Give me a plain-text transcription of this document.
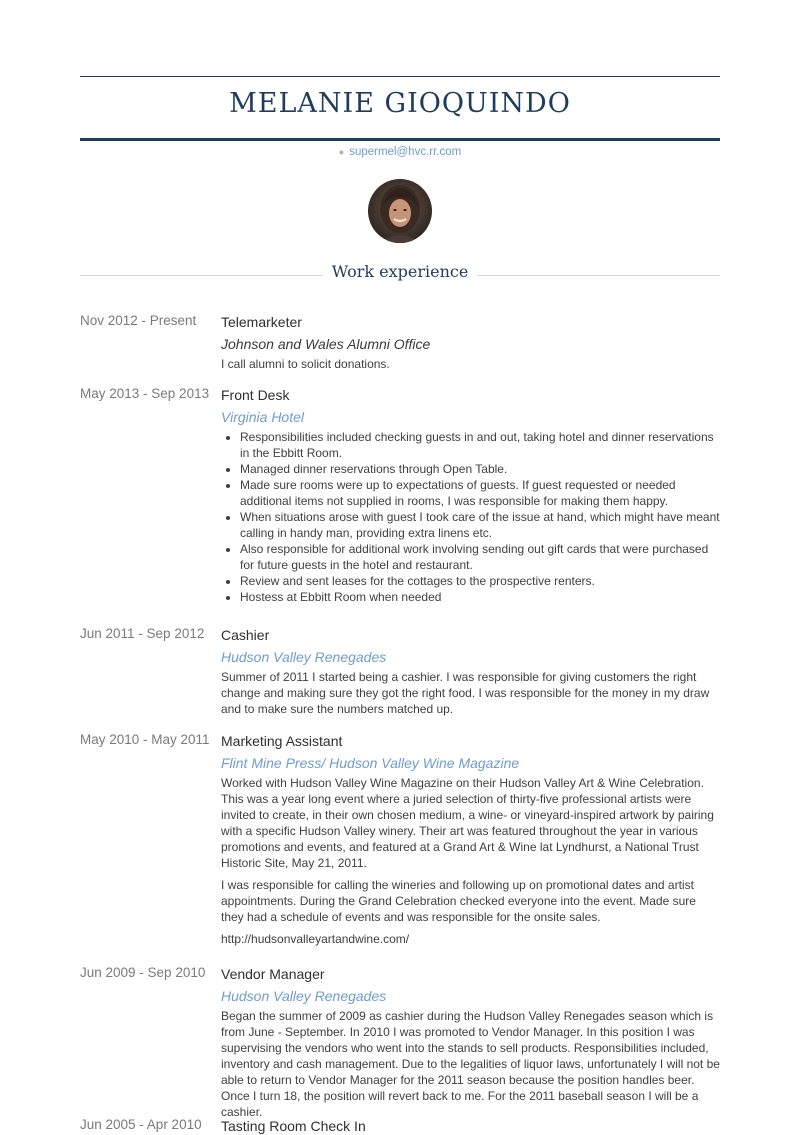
MELANIE GIOQUINDO
● supermel@hvc.rr.com
Work experience
Nov 2012 - Present	Telemarketer
Johnson and Wales Alumni Office

I call alumni to solicit donations.

May 2013 - Sep 2013 Front Desk
Virginia Hotel
• Responsibilities included checking guests in and out, taking hotel and dinner reservations in the Ebbitt Room.
• Managed dinner reservations through Open Table.
• Made sure rooms were up to expectations of guests. If guest requested or needed additional items not supplied in rooms, I was responsible for making them happy.
• When situations arose with guest I took care of the issue at hand, which might have meant calling in handy man, providing extra linens etc.
• Also responsible for additional work involving sending out gift cards that were purchased for future guests in the hotel and restaurant.
• Review and sent leases for the cottages to the prospective renters.
• Hostess at Ebbitt Room when needed
Jun 2011 - Sep 2012	Cashier
Hudson Valley Renegades

Summer of 2011 I started being a cashier. I was responsible for giving customers the right change and making sure they got the right food. I was responsible for the money in my draw and to make sure the numbers matched up.

May 2010 - May 2011 Marketing Assistant
Flint Mine Press/ Hudson Valley Wine Magazine

Worked with Hudson Valley Wine Magazine on their Hudson Valley Art & Wine Celebration. This was a year long event where a juried selection of thirty-five professional artists were invited to create, in their own chosen medium, a wine- or vineyard-inspired artwork by pairing with a specific Hudson Valley winery. Their art was featured throughout the year in various promotions and events, and featured at a Grand Art & Wine lat Lyndhurst, a National Trust Historic Site, May 21, 2011.

I was responsible for calling the wineries and following up on promotional dates and artist appointments. During the Grand Celebration checked everyone into the event. Made sure they had a schedule of events and was responsible for the onsite sales.

http://hudsonvalleyartandwine.com/

Jun 2009 - Sep 2010	Vendor Manager
Hudson Valley Renegades

Began the summer of 2009 as cashier during the Hudson Valley Renegades season which is from June - September. In 2010 I was promoted to Vendor Manager. In this position I was supervising the vendors who went into the stands to sell products. Responsibilities included, inventory and cash management. Due to the legalities of liquor laws, unfortunately I will not be able to return to Vendor Manager for the 2011 season because the position handles beer. Once I turn 18, the position will revert back to me. For the 2011 baseball season I will be a cashier.

Jun 2005 - Apr 2010	Tasting Room Check In
